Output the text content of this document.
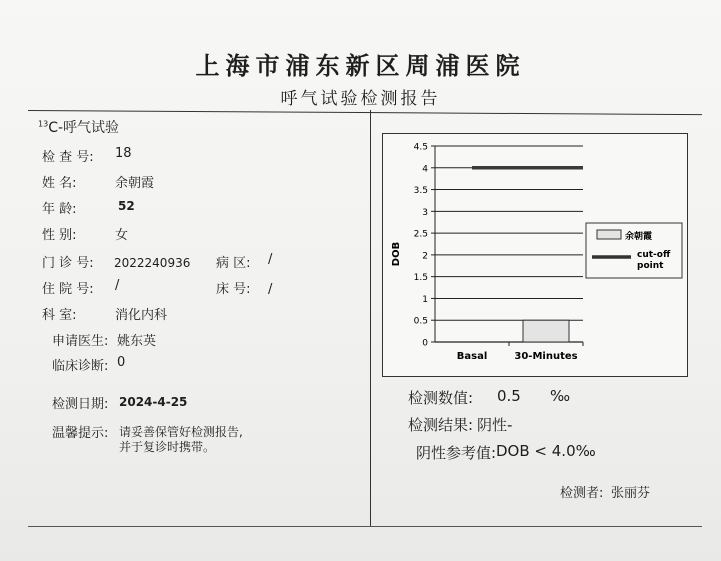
上海市浦东新区周浦医院
呼气试验检测报告
$^{13}$C-呼气试验
检 查 号: 18
姓 名:	余朝霞
年 龄:	52
性 别:	女
门 诊 号: 2022240936 病 区: /
住 院 号: /	床 号: /
科 室:	消化内科
申请医生: 姚东英
临床诊断: 0
检测日期: 2024-4-25
温馨提示: 请妥善保管好检测报告,
并于复诊时携带。
DOB
0
0.5
1
1.5
2
2.5
3
3.5
4
4.5
Basal	30-Minutes
余朝霞
cut-off point
检测数值: 0.5 ‰
检测结果: 阴性-
阴性参考值: DOB < 4.0‰
检测者: 张丽芬
